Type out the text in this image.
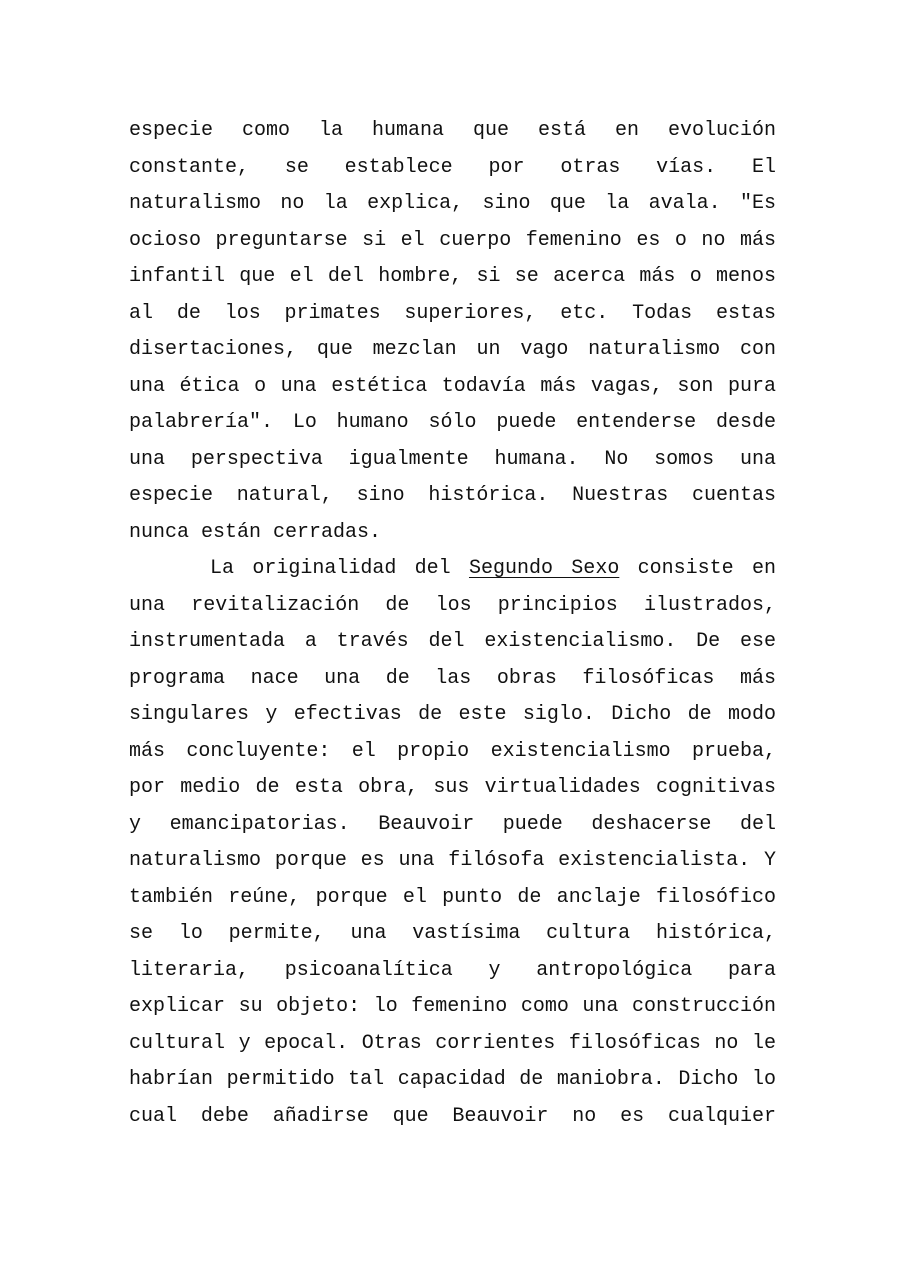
especie como la humana que está en evolución
constante, se establece por otras vías. El
naturalismo no la explica, sino que la avala. "Es
ocioso preguntarse si el cuerpo femenino es o no más
infantil que el del hombre, si se acerca más o menos
al de los primates superiores, etc. Todas estas
disertaciones, que mezclan un vago naturalismo con
una ética o una estética todavía más vagas, son pura
palabrería". Lo humano sólo puede entenderse desde
una perspectiva igualmente humana. No somos una
especie natural, sino histórica. Nuestras cuentas
nunca están cerradas.
La originalidad del Segundo Sexo consiste en
una revitalización de los principios ilustrados,
instrumentada a través del existencialismo. De ese
programa nace una de las obras filosóficas más
singulares y efectivas de este siglo. Dicho de modo
más concluyente: el propio existencialismo prueba,
por medio de esta obra, sus virtualidades cognitivas
y emancipatorias. Beauvoir puede deshacerse del
naturalismo porque es una filósofa existencialista. Y
también reúne, porque el punto de anclaje filosófico
se lo permite, una vastísima cultura histórica,
literaria, psicoanalítica y antropológica para
explicar su objeto: lo femenino como una construcción
cultural y epocal. Otras corrientes filosóficas no le
habrían permitido tal capacidad de maniobra. Dicho lo
cual debe añadirse que Beauvoir no es cualquier
